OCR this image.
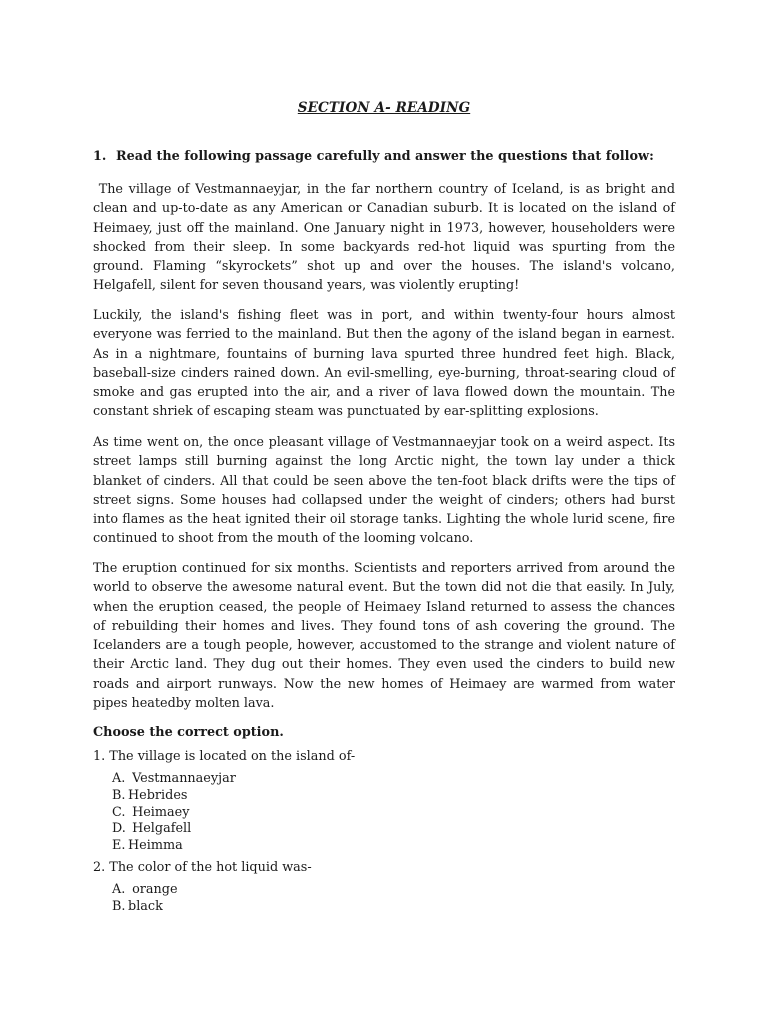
SECTION A- READING
1. Read the following passage carefully and answer the questions that follow:

The village of Vestmannaeyjar, in the far northern country of Iceland, is as bright and clean and up-to-date as any American or Canadian suburb. It is located on the island of Heimaey, just off the mainland. One January night in 1973, however, householders were shocked from their sleep. In some backyards red-hot liquid was spurting from the ground. Flaming “skyrockets” shot up and over the houses. The island's volcano, Helgafell, silent for seven thousand years, was violently erupting!

Luckily, the island's fishing fleet was in port, and within twenty-four hours almost everyone was ferried to the mainland. But then the agony of the island began in earnest. As in a nightmare, fountains of burning lava spurted three hundred feet high. Black, baseball-size cinders rained down. An evil-smelling, eye-burning, throat-searing cloud of smoke and gas erupted into the air, and a river of lava flowed down the mountain. The constant shriek of escaping steam was punctuated by ear-splitting explosions.

As time went on, the once pleasant village of Vestmannaeyjar took on a weird aspect. Its street lamps still burning against the long Arctic night, the town lay under a thick blanket of cinders. All that could be seen above the ten-foot black drifts were the tips of street signs. Some houses had collapsed under the weight of cinders; others had burst into flames as the heat ignited their oil storage tanks. Lighting the whole lurid scene, fire continued to shoot from the mouth of the looming volcano.

The eruption continued for six months. Scientists and reporters arrived from around the world to observe the awesome natural event. But the town did not die that easily. In July, when the eruption ceased, the people of Heimaey Island returned to assess the chances of rebuilding their homes and lives. They found tons of ash covering the ground. The Icelanders are a tough people, however, accustomed to the strange and violent nature of their Arctic land. They dug out their homes. They even used the cinders to build new roads and airport runways. Now the new homes of Heimaey are warmed from water pipes heatedby molten lava.

Choose the correct option.
1. The village is located on the island of-
A. Vestmannaeyjar
B. Hebrides
C. Heimaey
D. Helgafell
E. Heimma
2. The color of the hot liquid was-
A. orange
B. black
